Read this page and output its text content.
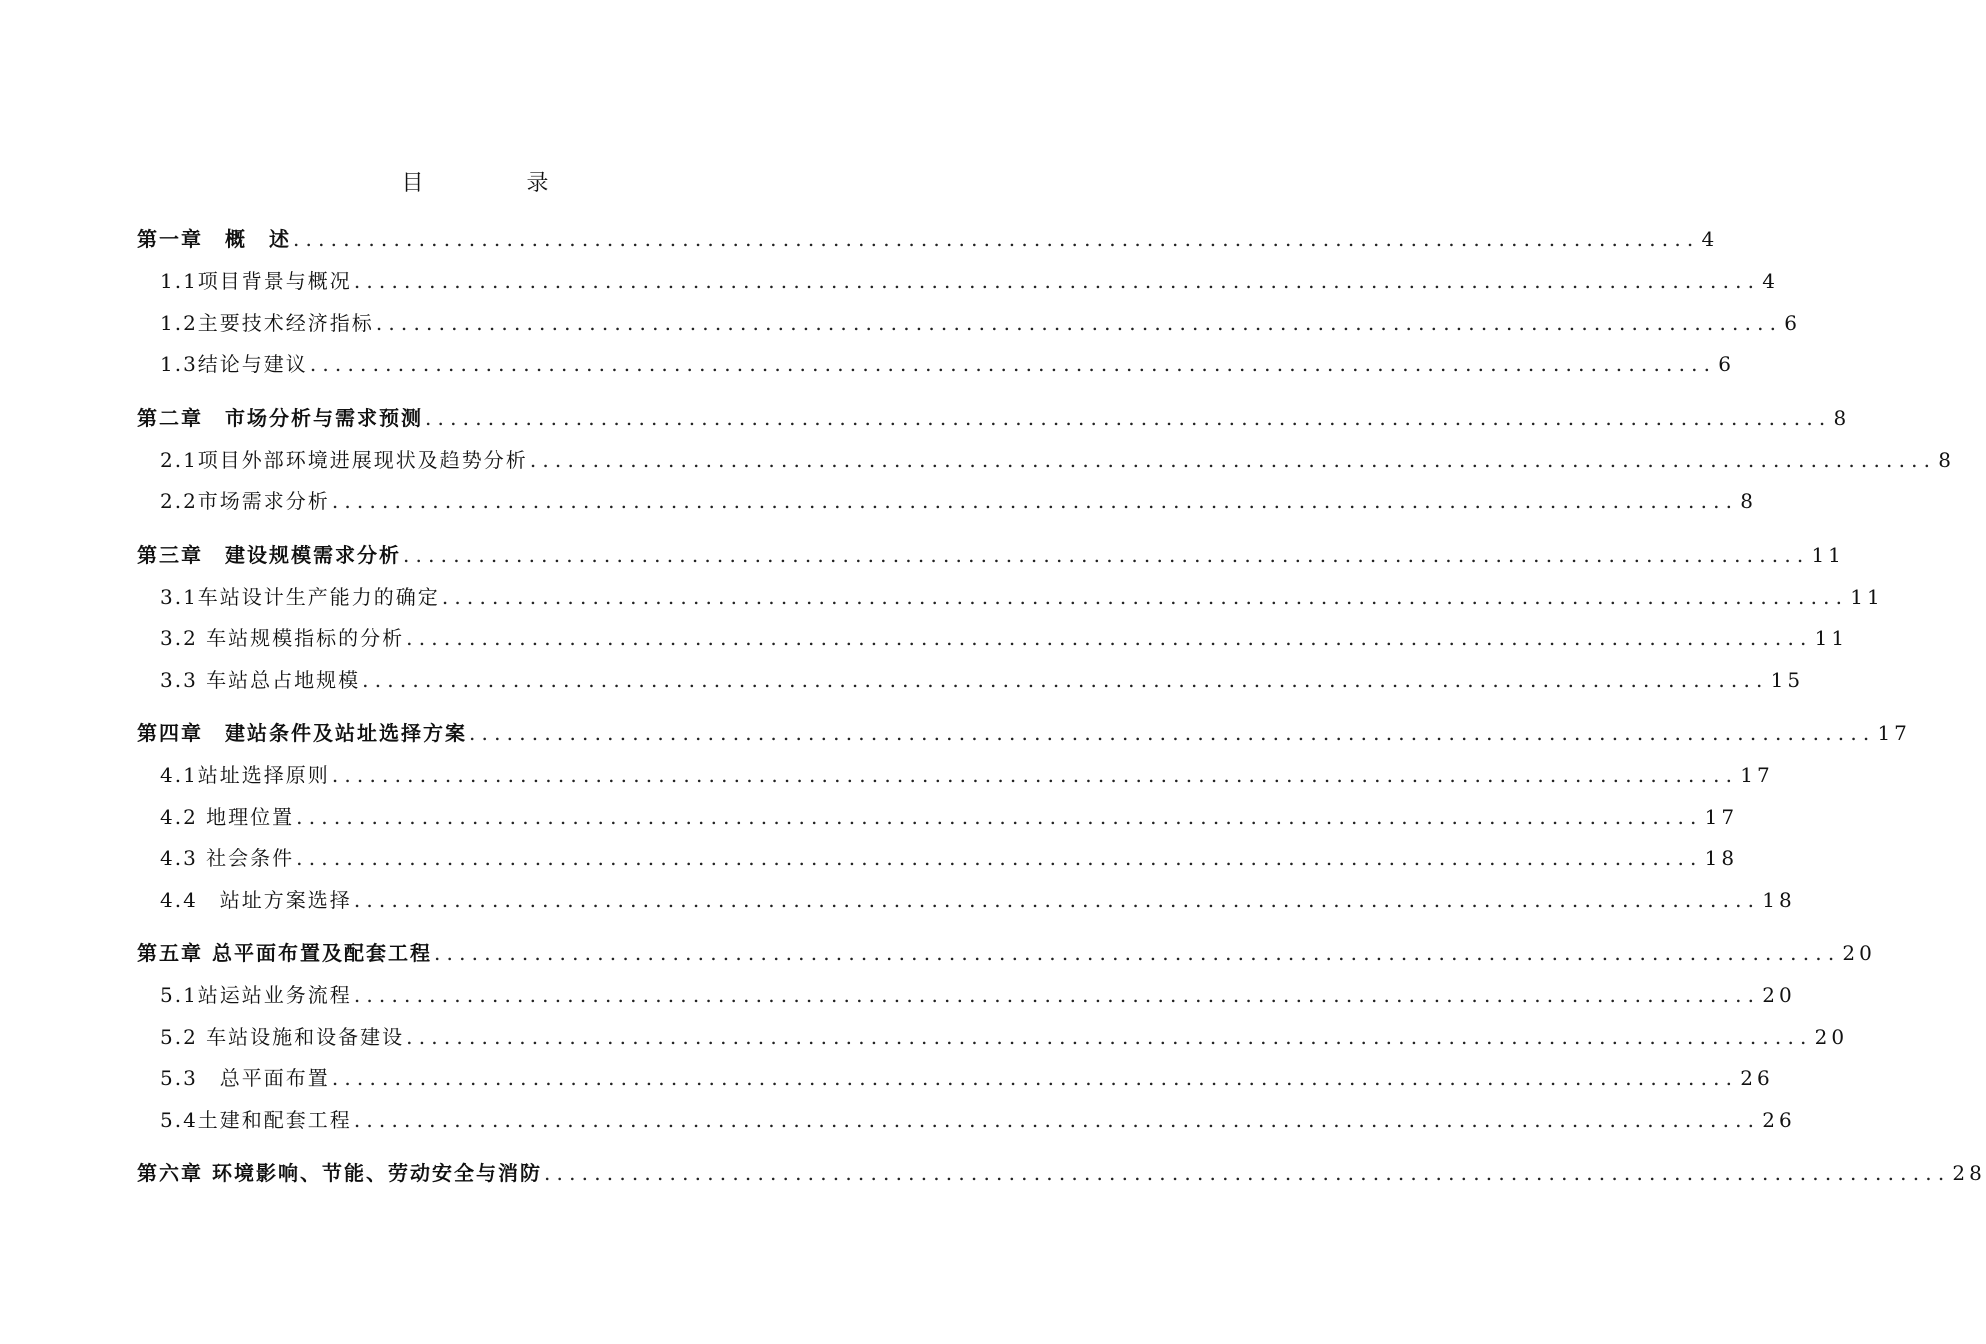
目 录
第一章　概　述 ................................................................................................................ 4
1.1项目背景与概况 ................................................................................................................ 4
1.2主要技术经济指标 ................................................................................................................ 6
1.3结论与建议 ................................................................................................................ 6
第二章　市场分析与需求预测 ................................................................................................................ 8
2.1项目外部环境进展现状及趋势分析 ................................................................................................................ 8
2.2市场需求分析 ................................................................................................................ 8
第三章　建设规模需求分析 ................................................................................................................ 11
3.1车站设计生产能力的确定 ................................................................................................................ 11
3.2 车站规模指标的分析 ................................................................................................................ 11
3.3 车站总占地规模 ................................................................................................................ 15
第四章　建站条件及站址选择方案 ................................................................................................................ 17
4.1站址选择原则 ................................................................................................................ 17
4.2 地理位置 ................................................................................................................ 17
4.3 社会条件 ................................................................................................................ 18
4.4　站址方案选择 ................................................................................................................ 18
第五章 总平面布置及配套工程 ................................................................................................................ 20
5.1站运站业务流程 ................................................................................................................ 20
5.2 车站设施和设备建设 ................................................................................................................ 20
5.3　总平面布置 ................................................................................................................ 26
5.4土建和配套工程 ................................................................................................................ 26
第六章 环境影响、节能、劳动安全与消防 ................................................................................................................ 28
